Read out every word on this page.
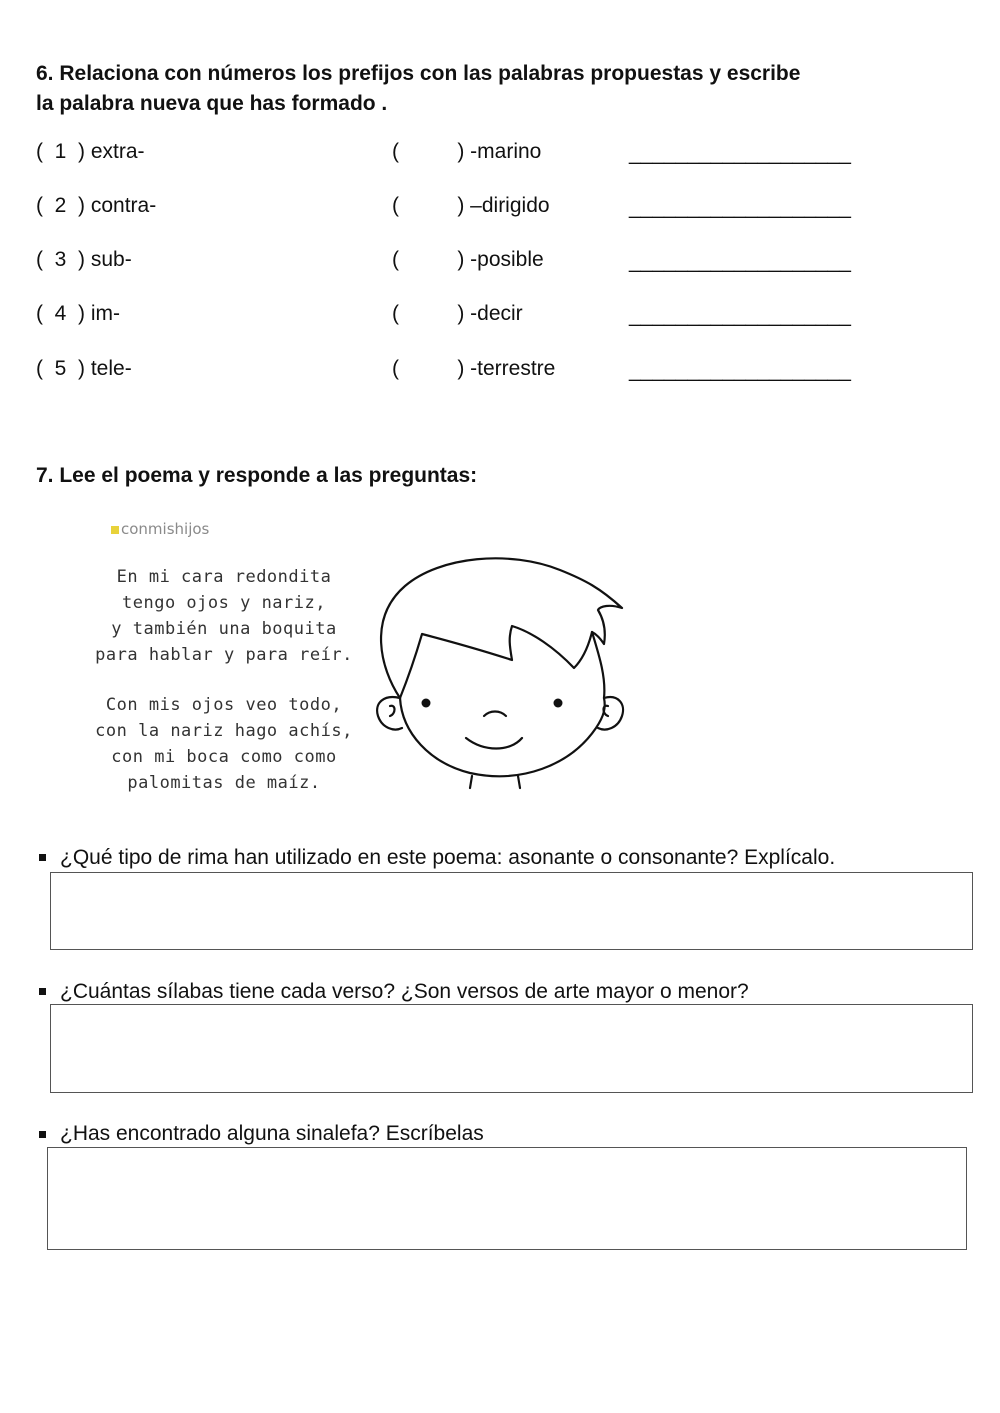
6. Relaciona con números los prefijos con las palabras propuestas y escribe
la palabra nueva que has formado .
(  1  ) extra-	(          ) -marino	___________________
(  2  ) contra-	(          ) –dirigido	___________________
(  3  ) sub-	(          ) -posible	___________________
(  4  ) im-	(          ) -decir	___________________
(  5  ) tele-	(          ) -terrestre	___________________
7. Lee el poema y responde a las preguntas:
conmishijos
En mi cara redondita
tengo ojos y nariz,
y también una boquita
para hablar y para reír.
Con mis ojos veo todo,
con la nariz hago achís,
con mi boca como como
palomitas de maíz.
¿Qué tipo de rima han utilizado en este poema: asonante o consonante? Explícalo.
¿Cuántas sílabas tiene cada verso? ¿Son versos de arte mayor o menor?
¿Has encontrado alguna sinalefa? Escríbelas
